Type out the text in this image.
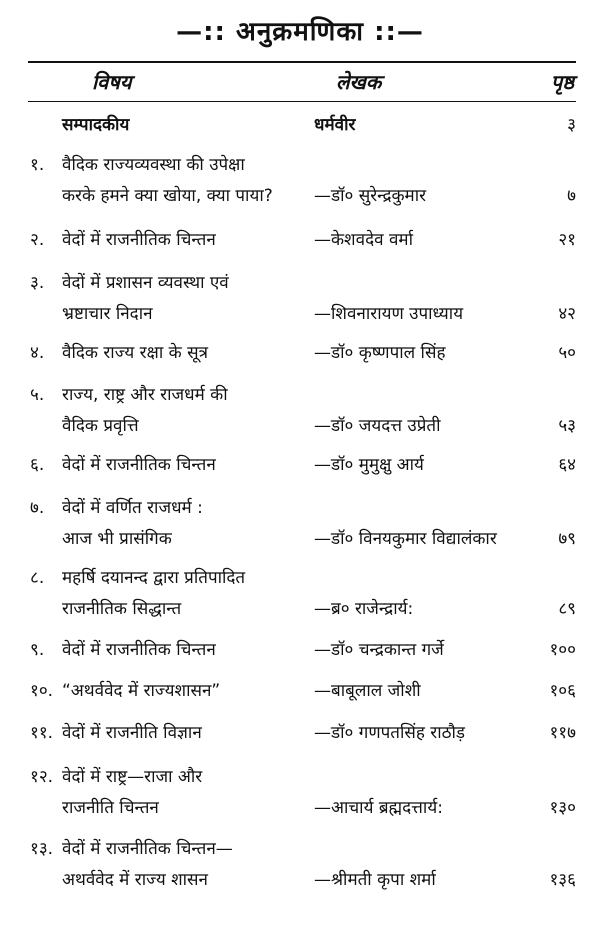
—:: अनुक्रमणिका ::—
विषय	लेखक	पृष्ठ
सम्पादकीय	धर्मवीर	३
१.	वैदिक राज्यव्यवस्था की उपेक्षा
करके हमने क्या खोया, क्या पाया? —डॉ० सुरेन्द्रकुमार	७
२.	वेदों में राजनीतिक चिन्तन	—केशवदेव वर्मा	२१
३.	वेदों में प्रशासन व्यवस्था एवं
भ्रष्टाचार निदान	—शिवनारायण उपाध्याय	४२
४.	वैदिक राज्य रक्षा के सूत्र	—डॉ० कृष्णपाल सिंह	५०
५.	राज्य, राष्ट्र और राजधर्म की
वैदिक प्रवृत्ति	—डॉ० जयदत्त उप्रेती	५३
६.	वेदों में राजनीतिक चिन्तन	—डॉ० मुमुक्षु आर्य	६४
७.	वेदों में वर्णित राजधर्म :
आज भी प्रासंगिक	—डॉ० विनयकुमार विद्यालंकार	७९
८.	महर्षि दयानन्द द्वारा प्रतिपादित
राजनीतिक सिद्धान्त	—ब्र० राजेन्द्रार्य:	८९
९.	वेदों में राजनीतिक चिन्तन	—डॉ० चन्द्रकान्त गर्जे	१००
१०. “अथर्ववेद में राज्यशासन”	—बाबूलाल जोशी	१०६
११. वेदों में राजनीति विज्ञान	—डॉ० गणपतसिंह राठौड़	११७
१२. वेदों में राष्ट्र—राजा और
राजनीति चिन्तन	—आचार्य ब्रह्मदत्तार्य:	१३०
१३. वेदों में राजनीतिक चिन्तन—
अथर्ववेद में राज्य शासन	—श्रीमती कृपा शर्मा	१३६
